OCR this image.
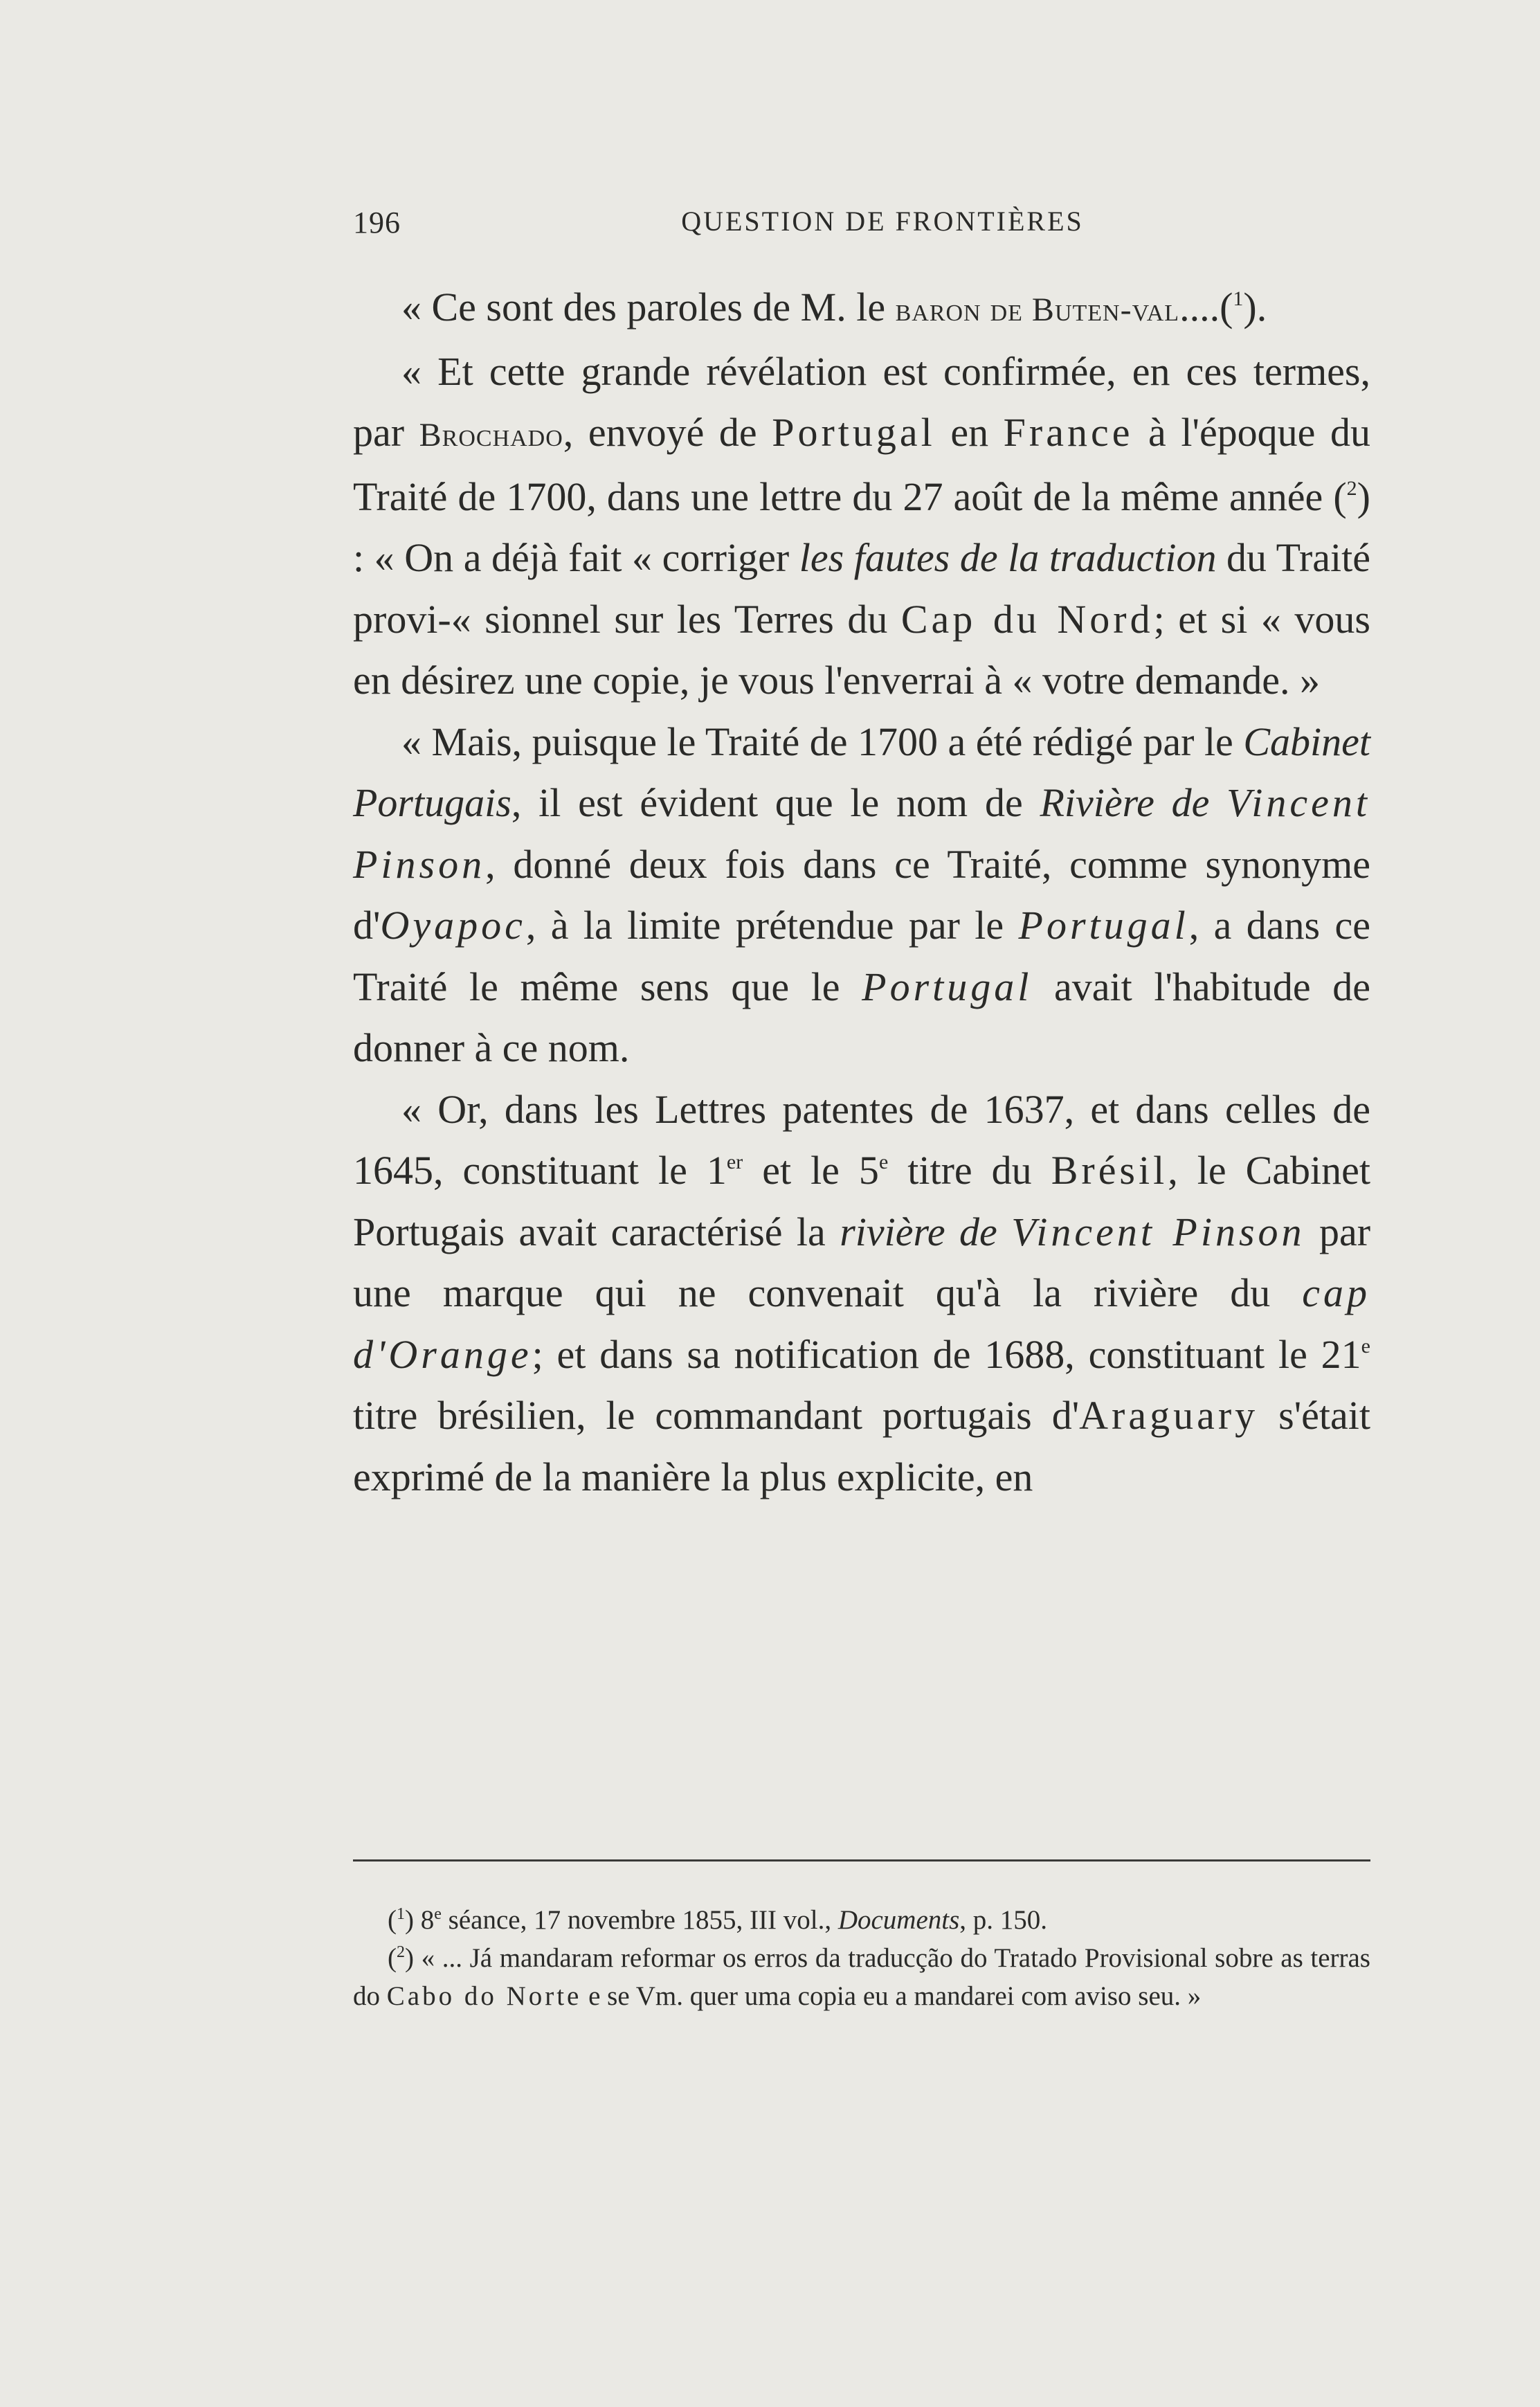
196	QUESTION DE FRONTIÈRES

« Ce sont des paroles de M. le baron de Buten-val....($^1$).

« Et cette grande révélation est confirmée, en ces termes, par Brochado, envoyé de Portugal en France à l'époque du Traité de 1700, dans une lettre du 27 août de la même année ($^2$) : « On a déjà fait « corriger les fautes de la traduction du Traité provi-« sionnel sur les Terres du Cap du Nord; et si « vous en désirez une copie, je vous l'enverrai à « votre demande. »

« Mais, puisque le Traité de 1700 a été rédigé par le Cabinet Portugais, il est évident que le nom de Rivière de Vincent Pinson, donné deux fois dans ce Traité, comme synonyme d'Oyapoc, à la limite prétendue par le Portugal, a dans ce Traité le même sens que le Portugal avait l'habitude de donner à ce nom.

« Or, dans les Lettres patentes de 1637, et dans celles de 1645, constituant le 1er et le 5e titre du Brésil, le Cabinet Portugais avait caractérisé la rivière de Vincent Pinson par une marque qui ne convenait qu'à la rivière du cap d'Orange; et dans sa notification de 1688, constituant le 21e titre brésilien, le commandant portugais d'Araguary s'était exprimé de la manière la plus explicite, en

($^1$) 8e séance, 17 novembre 1855, III vol., Documents, p. 150.

($^2$) « ... Já mandaram reformar os erros da traducção do Tratado Provisional sobre as terras do Cabo do Norte e se Vm. quer uma copia eu a mandarei com aviso seu. »
